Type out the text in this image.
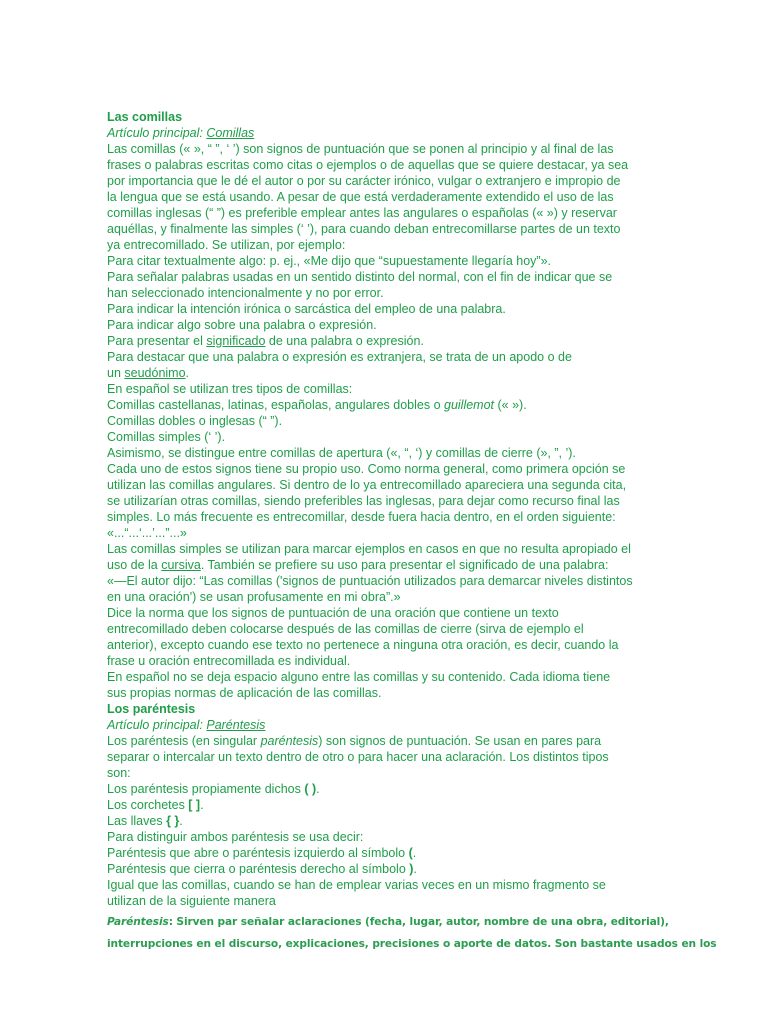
Las comillas

Artículo principal: Comillas

Las comillas (« », “ ”, ‘ ’) son signos de puntuación que se ponen al principio y al final de las

frases o palabras escritas como citas o ejemplos o de aquellas que se quiere destacar, ya sea

por importancia que le dé el autor o por su carácter irónico, vulgar o extranjero e impropio de

la lengua que se está usando. A pesar de que está verdaderamente extendido el uso de las

comillas inglesas (“ ”) es preferible emplear antes las angulares o españolas (« ») y reservar

aquéllas, y finalmente las simples (‘ ’), para cuando deban entrecomillarse partes de un texto

ya entrecomillado. Se utilizan, por ejemplo:

Para citar textualmente algo: p. ej., «Me dijo que “supuestamente llegaría hoy”».

Para señalar palabras usadas en un sentido distinto del normal, con el fin de indicar que se

han seleccionado intencionalmente y no por error.

Para indicar la intención irónica o sarcástica del empleo de una palabra.

Para indicar algo sobre una palabra o expresión.

Para presentar el significado de una palabra o expresión.

Para destacar que una palabra o expresión es extranjera, se trata de un apodo o de

un seudónimo.

En español se utilizan tres tipos de comillas:

Comillas castellanas, latinas, españolas, angulares dobles o guillemot (« »).

Comillas dobles o inglesas (“ ”).

Comillas simples (‘ ’).

Asimismo, se distingue entre comillas de apertura («, “, ‘) y comillas de cierre (», ”, ’).

Cada uno de estos signos tiene su propio uso. Como norma general, como primera opción se

utilizan las comillas angulares. Si dentro de lo ya entrecomillado apareciera una segunda cita,

se utilizarían otras comillas, siendo preferibles las inglesas, para dejar como recurso final las

simples. Lo más frecuente es entrecomillar, desde fuera hacia dentro, en el orden siguiente:

«...“...‘...’...”...»

Las comillas simples se utilizan para marcar ejemplos en casos en que no resulta apropiado el

uso de la cursiva. También se prefiere su uso para presentar el significado de una palabra:

«—El autor dijo: “Las comillas ('signos de puntuación utilizados para demarcar niveles distintos

en una oración') se usan profusamente en mi obra”.»

Dice la norma que los signos de puntuación de una oración que contiene un texto

entrecomillado deben colocarse después de las comillas de cierre (sirva de ejemplo el

anterior), excepto cuando ese texto no pertenece a ninguna otra oración, es decir, cuando la

frase u oración entrecomillada es individual.

En español no se deja espacio alguno entre las comillas y su contenido. Cada idioma tiene

sus propias normas de aplicación de las comillas.

Los paréntesis

Artículo principal: Paréntesis

Los paréntesis (en singular paréntesis) son signos de puntuación. Se usan en pares para

separar o intercalar un texto dentro de otro o para hacer una aclaración. Los distintos tipos

son:

Los paréntesis propiamente dichos ( ).

Los corchetes [ ].

Las llaves { }.

Para distinguir ambos paréntesis se usa decir:

Paréntesis que abre o paréntesis izquierdo al símbolo (.

Paréntesis que cierra o paréntesis derecho al símbolo ).

Igual que las comillas, cuando se han de emplear varias veces en un mismo fragmento se

utilizan de la siguiente manera

Paréntesis: Sirven par señalar aclaraciones (fecha, lugar, autor, nombre de una obra, editorial),

interrupciones en el discurso, explicaciones, precisiones o aporte de datos. Son bastante usados en los
